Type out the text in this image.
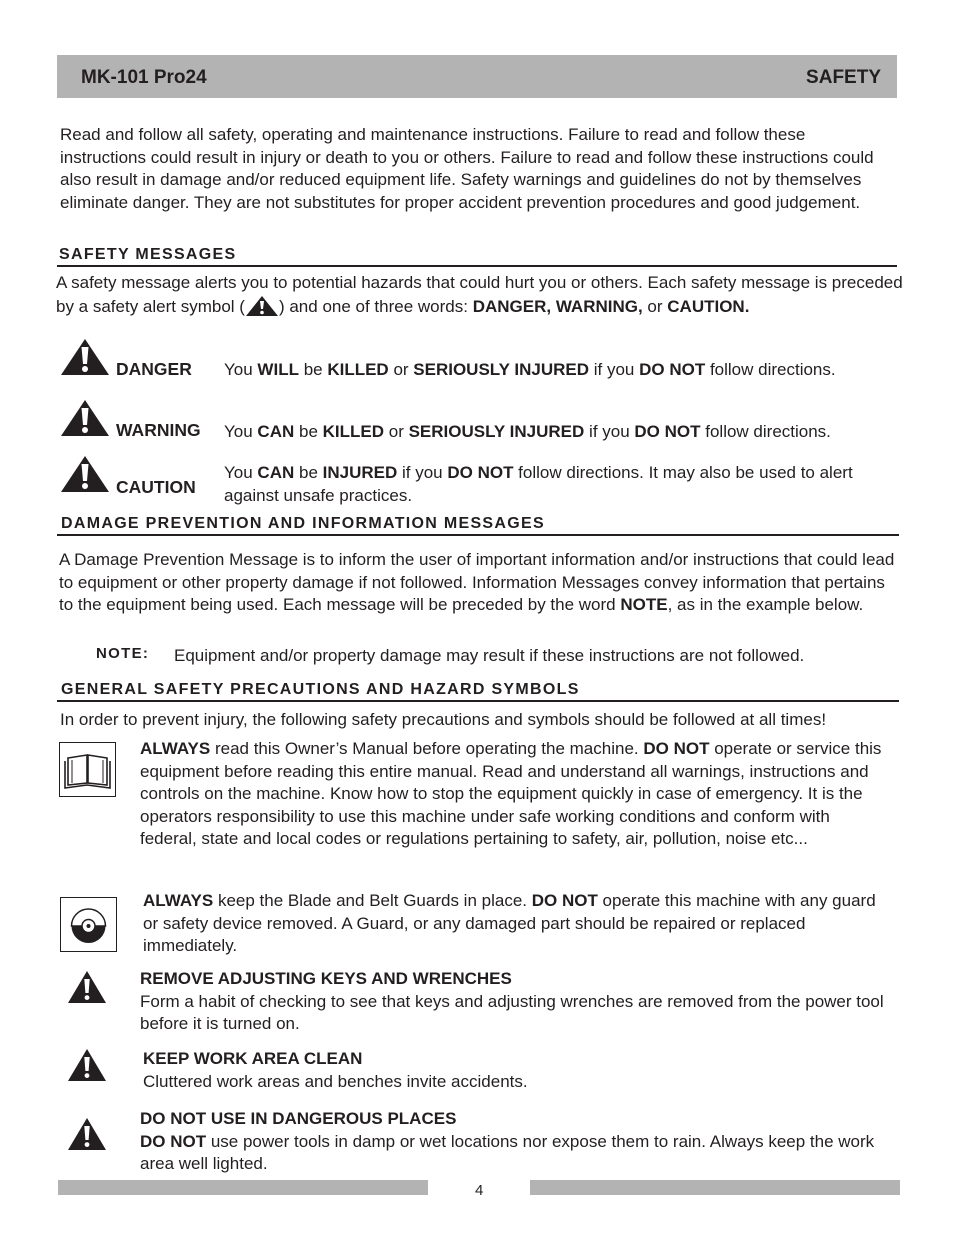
MK-101 Pro24	SAFETY
Read and follow all safety, operating and maintenance instructions. Failure to read and follow these instructions could result in injury or death to you or others. Failure to read and follow these instructions could also result in damage and/or reduced equipment life. Safety warnings and guidelines do not by themselves eliminate danger. They are not substitutes for proper accident prevention procedures and good judgement.
SAFETY MESSAGES
A safety message alerts you to potential hazards that could hurt you or others. Each safety message is preceded by a safety alert symbol ( ) and one of three words: DANGER, WARNING, or CAUTION.
DANGER You WILL be KILLED or SERIOUSLY INJURED if you DO NOT follow directions.
WARNING You CAN be KILLED or SERIOUSLY INJURED if you DO NOT follow directions.
CAUTION
You CAN be INJURED if you DO NOT follow directions. It may also be used to alert against unsafe practices.
DAMAGE PREVENTION AND INFORMATION MESSAGES
A Damage Prevention Message is to inform the user of important information and/or instructions that could lead to equipment or other property damage if not followed. Information Messages convey information that pertains to the equipment being used. Each message will be preceded by the word NOTE, as in the example below.
NOTE: Equipment and/or property damage may result if these instructions are not followed.
GENERAL SAFETY PRECAUTIONS AND HAZARD SYMBOLS
In order to prevent injury, the following safety precautions and symbols should be followed at all times!
ALWAYS read this Owner’s Manual before operating the machine. DO NOT operate or service this equipment before reading this entire manual. Read and understand all warnings, instructions and controls on the machine. Know how to stop the equipment quickly in case of emergency. It is the operators responsibility to use this machine under safe working conditions and conform with federal, state and local codes or regulations pertaining to safety, air, pollution, noise etc...
ALWAYS keep the Blade and Belt Guards in place. DO NOT operate this machine with any guard or safety device removed. A Guard, or any damaged part should be repaired or replaced immediately.
REMOVE ADJUSTING KEYS AND WRENCHES
Form a habit of checking to see that keys and adjusting wrenches are removed from the power tool before it is turned on.
KEEP WORK AREA CLEAN
Cluttered work areas and benches invite accidents.
DO NOT USE IN DANGEROUS PLACES
DO NOT use power tools in damp or wet locations nor expose them to rain. Always keep the work area well lighted.
4
